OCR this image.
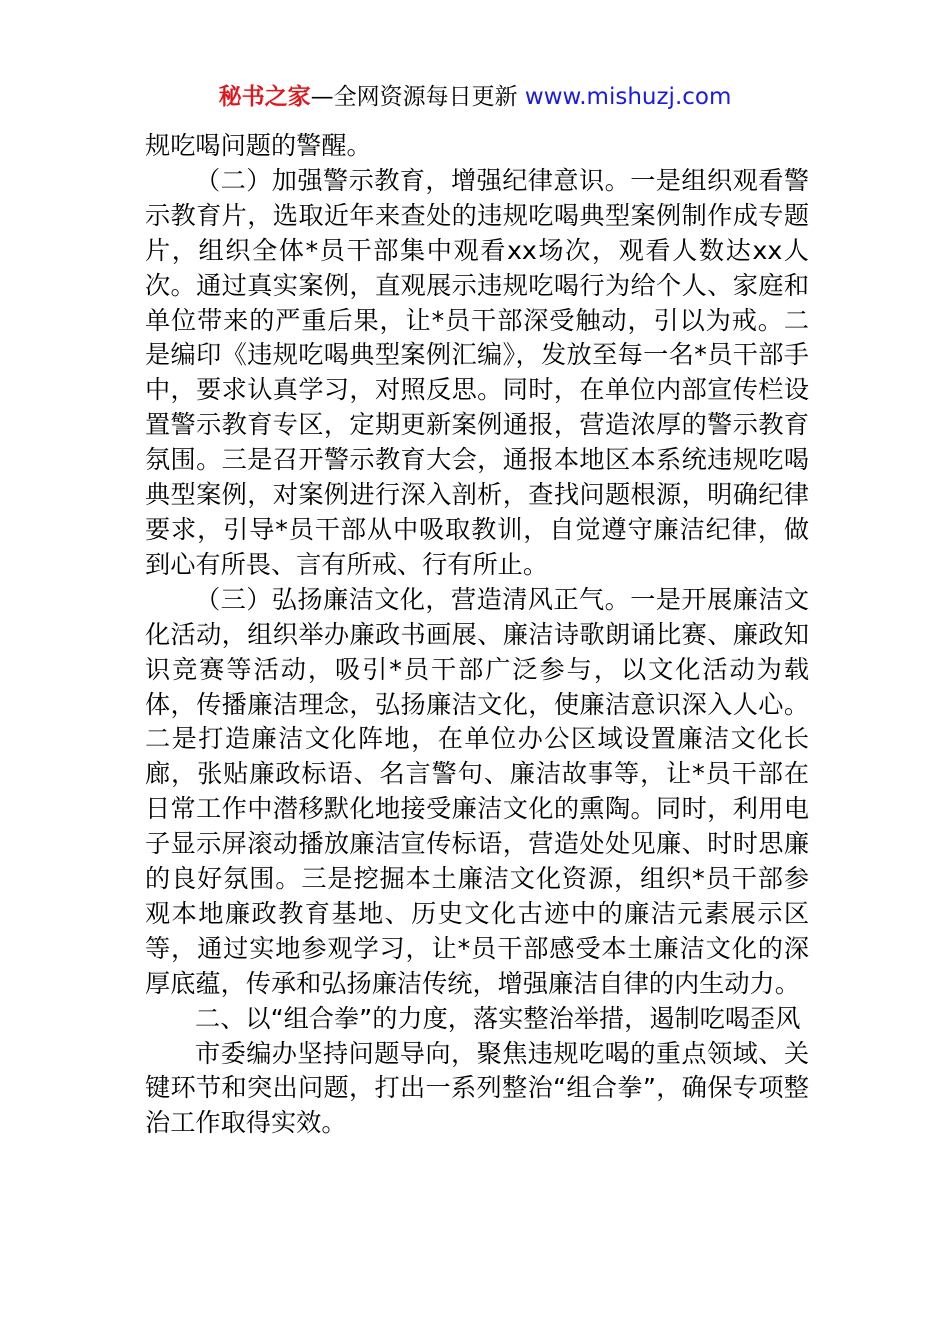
秘书之家—全网资源每日更新 www.mishuzj.com

规吃喝问题的警醒。

（二）加强警示教育，增强纪律意识。一是组织观看警示教育片，选取近年来查处的违规吃喝典型案例制作成专题片，组织全体*员干部集中观看xx场次，观看人数达xx人次。通过真实案例，直观展示违规吃喝行为给个人、家庭和单位带来的严重后果，让*员干部深受触动，引以为戒。二是编印《违规吃喝典型案例汇编》，发放至每一名*员干部手中，要求认真学习，对照反思。同时，在单位内部宣传栏设置警示教育专区，定期更新案例通报，营造浓厚的警示教育氛围。三是召开警示教育大会，通报本地区本系统违规吃喝典型案例，对案例进行深入剖析，查找问题根源，明确纪律要求，引导*员干部从中吸取教训，自觉遵守廉洁纪律，做到心有所畏、言有所戒、行有所止。

（三）弘扬廉洁文化，营造清风正气。一是开展廉洁文化活动，组织举办廉政书画展、廉洁诗歌朗诵比赛、廉政知识竞赛等活动，吸引*员干部广泛参与，以文化活动为载体，传播廉洁理念，弘扬廉洁文化，使廉洁意识深入人心。二是打造廉洁文化阵地，在单位办公区域设置廉洁文化长廊，张贴廉政标语、名言警句、廉洁故事等，让*员干部在日常工作中潜移默化地接受廉洁文化的熏陶。同时，利用电子显示屏滚动播放廉洁宣传标语，营造处处见廉、时时思廉的良好氛围。三是挖掘本土廉洁文化资源，组织*员干部参观本地廉政教育基地、历史文化古迹中的廉洁元素展示区等，通过实地参观学习，让*员干部感受本土廉洁文化的深厚底蕴，传承和弘扬廉洁传统，增强廉洁自律的内生动力。

二、以“组合拳”的力度，落实整治举措，遏制吃喝歪风

市委编办坚持问题导向，聚焦违规吃喝的重点领域、关键环节和突出问题，打出一系列整治“组合拳”，确保专项整治工作取得实效。
